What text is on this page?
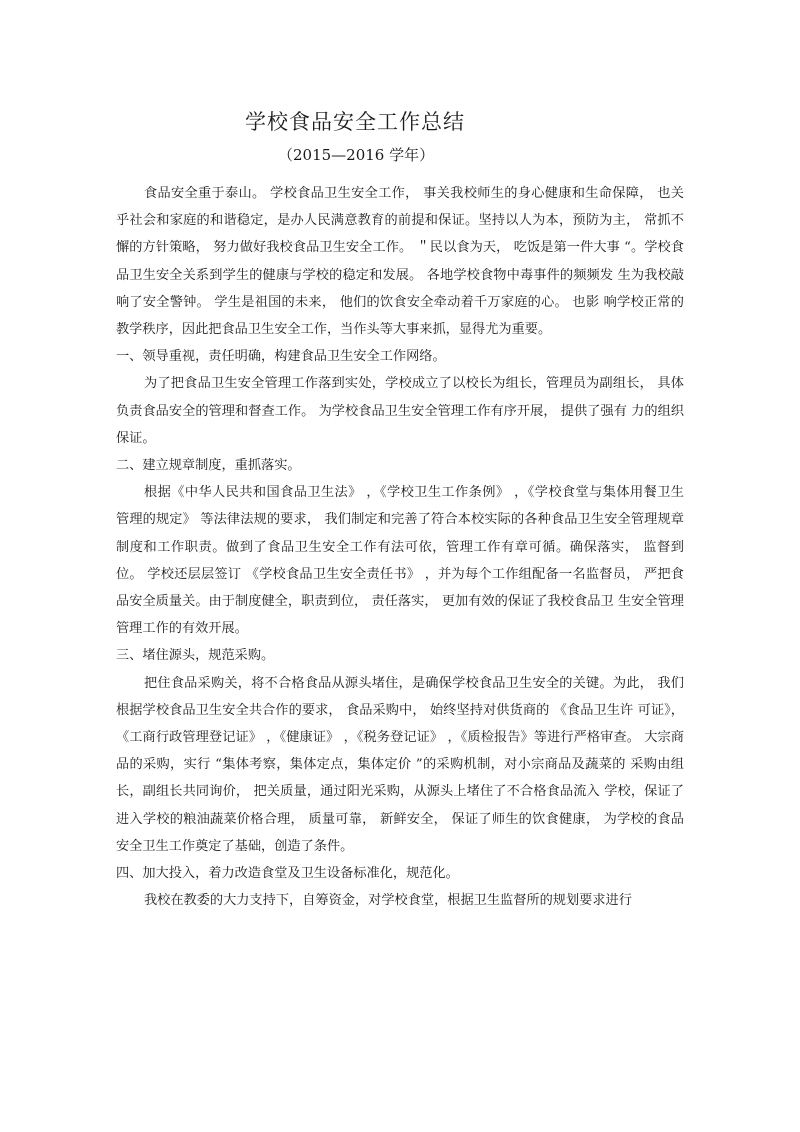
学校食品安全工作总结
（2015—2016 学年）

食品安全重于泰山。 学校食品卫生安全工作， 事关我校师生的身心健康和生命保障， 也关乎社会和家庭的和谐稳定，是办人民满意教育的前提和保证。坚持以人为本，预防为主， 常抓不懈的方针策略， 努力做好我校食品卫生安全工作。 ＂民以食为天， 吃饭是第一件大事 “。学校食品卫生安全关系到学生的健康与学校的稳定和发展。 各地学校食物中毒事件的频频发 生为我校敲响了安全警钟。 学生是祖国的未来， 他们的饮食安全牵动着千万家庭的心。 也影 响学校正常的教学秩序，因此把食品卫生安全工作，当作头等大事来抓，显得尤为重要。

一、领导重视，责任明确，构建食品卫生安全工作网络。

为了把食品卫生安全管理工作落到实处，学校成立了以校长为组长，管理员为副组长， 具体负责食品安全的管理和督查工作。 为学校食品卫生安全管理工作有序开展， 提供了强有 力的组织保证。

二、建立规章制度，重抓落实。

根据《中华人民共和国食品卫生法》 ，《学校卫生工作条例》 ，《学校食堂与集体用餐卫生 管理的规定》 等法律法规的要求， 我们制定和完善了符合本校实际的各种食品卫生安全管理规章制度和工作职责。做到了食品卫生安全工作有法可依，管理工作有章可循。确保落实， 监督到位。 学校还层层签订 《学校食品卫生安全责任书》 ，并为每个工作组配备一名监督员， 严把食品安全质量关。由于制度健全，职责到位， 责任落实， 更加有效的保证了我校食品卫 生安全管理管理工作的有效开展。

三、堵住源头，规范采购。

把住食品采购关，将不合格食品从源头堵住，是确保学校食品卫生安全的关键。为此， 我们根据学校食品卫生安全共合作的要求， 食品采购中， 始终坚持对供货商的 《食品卫生许 可证》，《工商行政管理登记证》 ，《健康证》 ，《税务登记证》 ，《质检报告》等进行严格审查。 大宗商品的采购，实行 “集体考察，集体定点，集体定价 ”的采购机制，对小宗商品及蔬菜的 采购由组长，副组长共同询价， 把关质量，通过阳光采购，从源头上堵住了不合格食品流入 学校，保证了进入学校的粮油蔬菜价格合理， 质量可靠， 新鲜安全， 保证了师生的饮食健康， 为学校的食品安全卫生工作奠定了基础，创造了条件。

四、加大投入，着力改造食堂及卫生设备标准化，规范化。

我校在教委的大力支持下，自筹资金，对学校食堂，根据卫生监督所的规划要求进行
